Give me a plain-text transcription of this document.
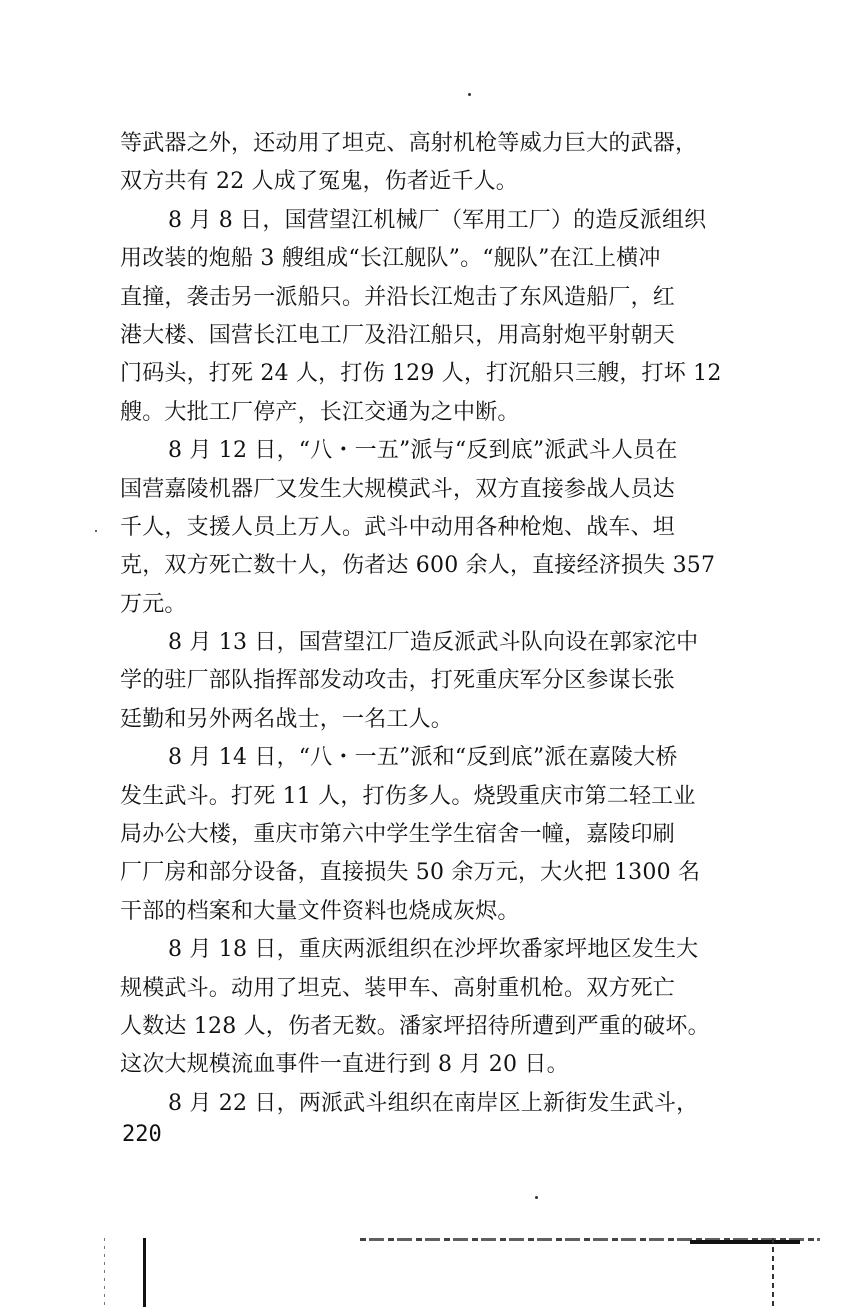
等武器之外，还动用了坦克、高射机枪等威力巨大的武器，
双方共有 22 人成了冤鬼，伤者近千人。
8 月 8 日，国营望江机械厂（军用工厂）的造反派组织
用改装的炮船 3 艘组成“长江舰队”。“舰队”在江上横冲
直撞，袭击另一派船只。并沿长江炮击了东风造船厂，红
港大楼、国营长江电工厂及沿江船只，用高射炮平射朝天
门码头，打死 24 人，打伤 129 人，打沉船只三艘，打坏 12
艘。大批工厂停产，长江交通为之中断。
8 月 12 日，“八・一五”派与“反到底”派武斗人员在
国营嘉陵机器厂又发生大规模武斗，双方直接参战人员达
千人，支援人员上万人。武斗中动用各种枪炮、战车、坦
克，双方死亡数十人，伤者达 600 余人，直接经济损失 357
万元。
8 月 13 日，国营望江厂造反派武斗队向设在郭家沱中
学的驻厂部队指挥部发动攻击，打死重庆军分区参谋长张
廷勤和另外两名战士，一名工人。
8 月 14 日，“八・一五”派和“反到底”派在嘉陵大桥
发生武斗。打死 11 人，打伤多人。烧毁重庆市第二轻工业
局办公大楼，重庆市第六中学生学生宿舍一幢，嘉陵印刷
厂厂房和部分设备，直接损失 50 余万元，大火把 1300 名
干部的档案和大量文件资料也烧成灰烬。
8 月 18 日，重庆两派组织在沙坪坎番家坪地区发生大
规模武斗。动用了坦克、装甲车、高射重机枪。双方死亡
人数达 128 人，伤者无数。潘家坪招待所遭到严重的破坏。
这次大规模流血事件一直进行到 8 月 20 日。
8 月 22 日，两派武斗组织在南岸区上新街发生武斗，
220
